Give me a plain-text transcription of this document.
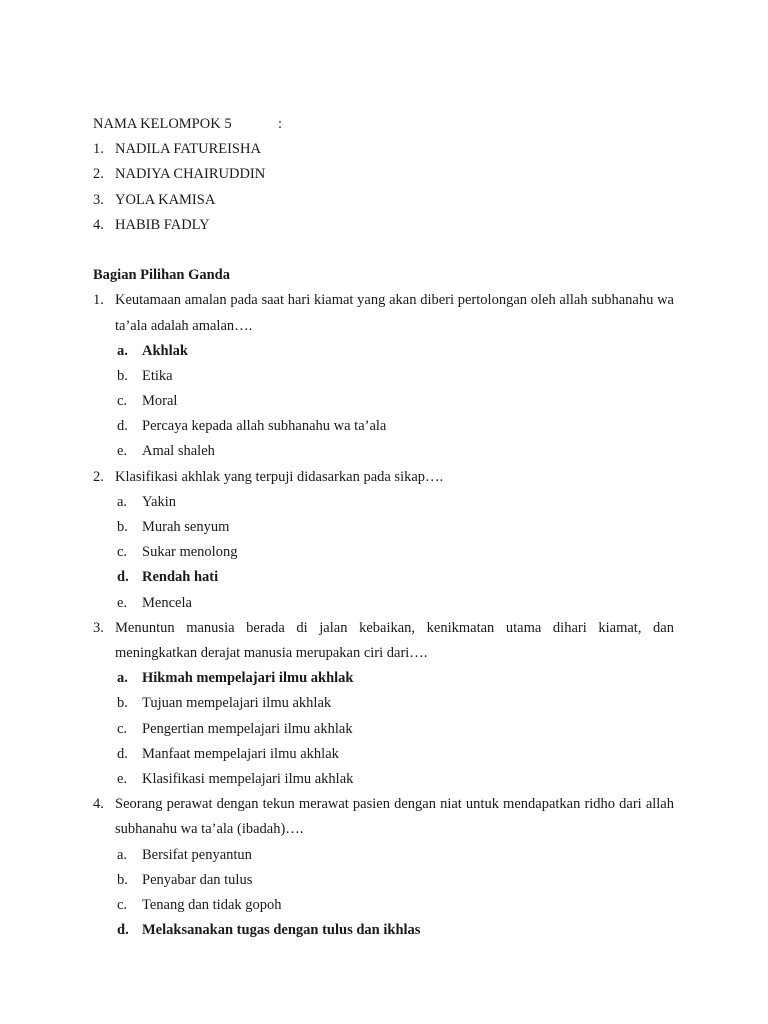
NAMA KELOMPOK 5	:
1. NADILA FATUREISHA
2. NADIYA CHAIRUDDIN
3. YOLA KAMISA
4. HABIB FADLY
Bagian Pilihan Ganda
1. Keutamaan amalan pada saat hari kiamat yang akan diberi pertolongan oleh allah subhanahu wa ta’ala adalah amalan….
a. Akhlak
b. Etika
c. Moral
d. Percaya kepada allah subhanahu wa ta’ala
e. Amal shaleh
2. Klasifikasi akhlak yang terpuji didasarkan pada sikap….
a. Yakin
b. Murah senyum
c. Sukar menolong
d. Rendah hati
e. Mencela
3. Menuntun manusia berada di jalan kebaikan, kenikmatan utama dihari kiamat, dan meningkatkan derajat manusia merupakan ciri dari….
a. Hikmah mempelajari ilmu akhlak
b. Tujuan mempelajari ilmu akhlak
c. Pengertian mempelajari ilmu akhlak
d. Manfaat mempelajari ilmu akhlak
e. Klasifikasi mempelajari ilmu akhlak
4. Seorang perawat dengan tekun merawat pasien dengan niat untuk mendapatkan ridho dari allah subhanahu wa ta’ala (ibadah)….
a. Bersifat penyantun
b. Penyabar dan tulus
c. Tenang dan tidak gopoh
d. Melaksanakan tugas dengan tulus dan ikhlas
